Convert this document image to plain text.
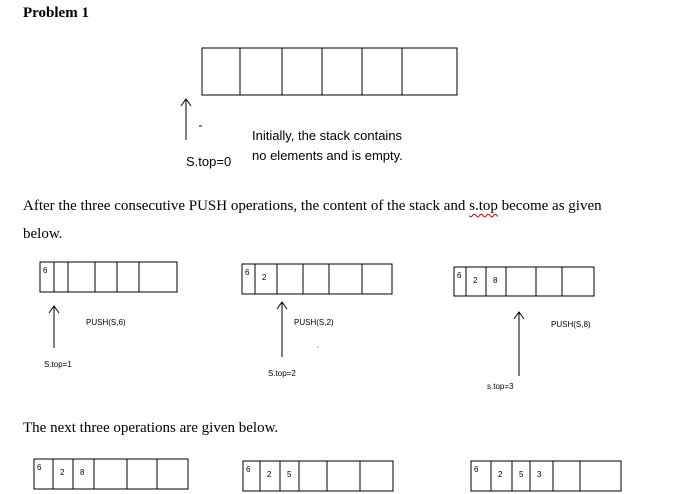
Problem 1
6	6
2	6
2 8
6
2 8	6
2 5
6
2 5 3
Initially, the stack contains
no elements and is empty.
S.top=0
After the three consecutive PUSH operations, the content of the stack and s.top become as given
below.
PUSH(S,6)	PUSH(S,2)	PUSH(S,8)
S.top=1
S.top=2
s.top=3
The next three operations are given below.
